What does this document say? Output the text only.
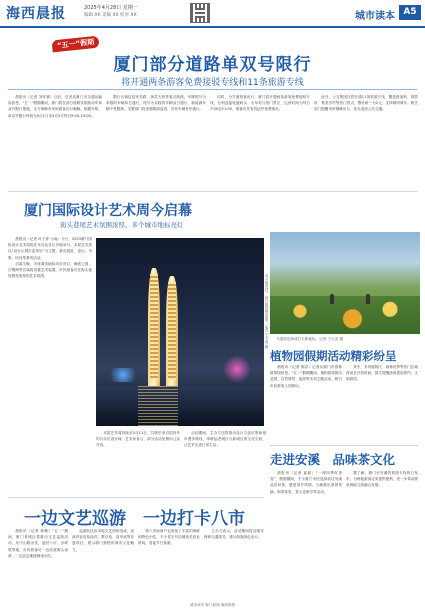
海西晨报	2025年4月28日 星期一
编辑 XX 美编 XX 校对 XX	城市读本 A5
“五一”假期
厦门部分道路单双号限行
将开通两条游客免费接驳专线和11条旅游专线
晨报讯（记者 刘怀颖）日前，记者从厦门市交通运输局获悉，“五一”假期期间，厦门将在部分道路实施机动车单双号限行措施，全力保障市民和游客出行顺畅。根据安排，单双号限行时段为5月1日至5月5日每日9:00-19:00。
限行区域包括环岛路、演武大桥等重点路段，车牌尾号为单数的车辆单日通行，尾号为双数的车辆双日通行，新能源车辆不受限制。交警部门将加强路面巡查，引导车辆有序通行。
同时，为方便游客出行，厦门将开通两条游客免费接驳专线，分别连接轮渡码头、火车站与热门景区，运营时间为每日7:00至21:00，乘客可凭有效证件免费乘坐。
此外，公交集团还将开通11条旅游专线，覆盖鼓浪屿、曾厝垵、集美学村等热门景点，票价统一为2元，支持刷码乘车。相关部门提醒市民错峰出行，优先选择公共交通。
厦门国际设计艺术周今启幕
街头巷尾艺术氛围浓厚，多个城市地标亮灯
晨报讯（记者 叶子青 小南）今日，2025厦门国际设计艺术周将在本岛及各区多地举行。本届艺术周以“设计让城市更美好”为主题，推出展览、论坛、市集、快闪等系列活动。
启幕当晚，多座城市地标同步亮灯，海湾公园、白鹭洲等区域将设置艺术装置，市民游客可在街头巷尾感受浓厚的艺术氛围。	双子塔亮灯，设计周氛围浓厚。记者 王火炎 摄
本届艺术周持续至5月11日，共吸引来自国内外的百余位设计师、艺术家参与，部分活动免费向公众开放。
活动期间，主办方还将推出设计文创市集和城市漫步路线，串联起老城区与新城区的文化空间，让艺术走进日常生活。
马銮湾花海成打卡新地标。记者 王火炎 摄
植物园假期活动精彩纷呈
晨报讯（记者 陈洪）记者从厦门市园林植物园获悉，“五一”假期期间，植物园将推出花展、自然课堂、夜游等多项主题活动，吸引市民游客入园游玩。
其中，多肉植物区、雨林世界等热门区域将延长开放时间，园方提醒游客提前预约，文明游园。
走进安溪　品味茶文化
晨报讯（记者 崔斌）“一城四季好茶香”，假期期间，不少厦门市民选择前往安溪品茗问茶，感受茶乡风情。当地推出茶园采摘、制茶体验、茶文化研学等活动。
据了解，厦门至安溪的旅游专线每日发车，为两地游客往来提供便利，进一步带动厦泉两地文旅融合发展。
一边文艺巡游　一边打卡八市
晨报讯（记者 黄琳）“五一”期间，厦门老城区将推出文艺巡游活动，从中山路出发，途经八市、沙坡尾等地，市民游客可一边欣赏街头表演，一边品尝地道闽南小吃。
巡游队伍由本地文艺团体组成，表演内容包括南音、歌仔戏、高甲戏等非遗项目，展示厦门独特的城市文化魅力。
第八市场商户也准备了丰富的海鲜和特色小吃，不少老字号店铺延长营业时间，迎接节日客流。
主办方表示，活动期间将加强安保和交通疏导，建议游客绿色出行。
城市读本 厦门新闻 海西晨报
